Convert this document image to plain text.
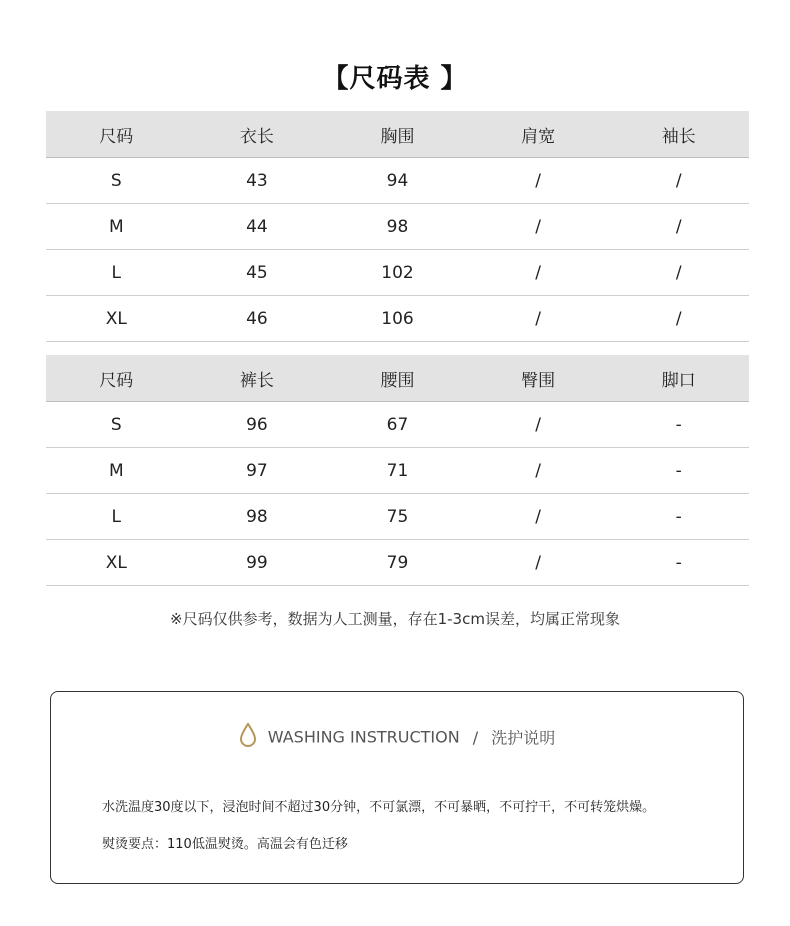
【尺码表 】
尺码	衣长	胸围	肩宽	袖长
S	43	94	/	/
M	44	98	/	/
L	45	102	/	/
XL	46	106	/	/
尺码	裤长	腰围	臀围	脚口
S	96	67	/	-
M	97	71	/	-
L	98	75	/	-
XL	99	79	/	-
※尺码仅供参考，数据为人工测量，存在1-3cm误差，均属正常现象
WASHING INSTRUCTION / 洗护说明
水洗温度30度以下，浸泡时间不超过30分钟，不可氯漂，不可暴晒，不可拧干，不可转笼烘燥。
熨烫要点：110低温熨烫。高温会有色迁移
